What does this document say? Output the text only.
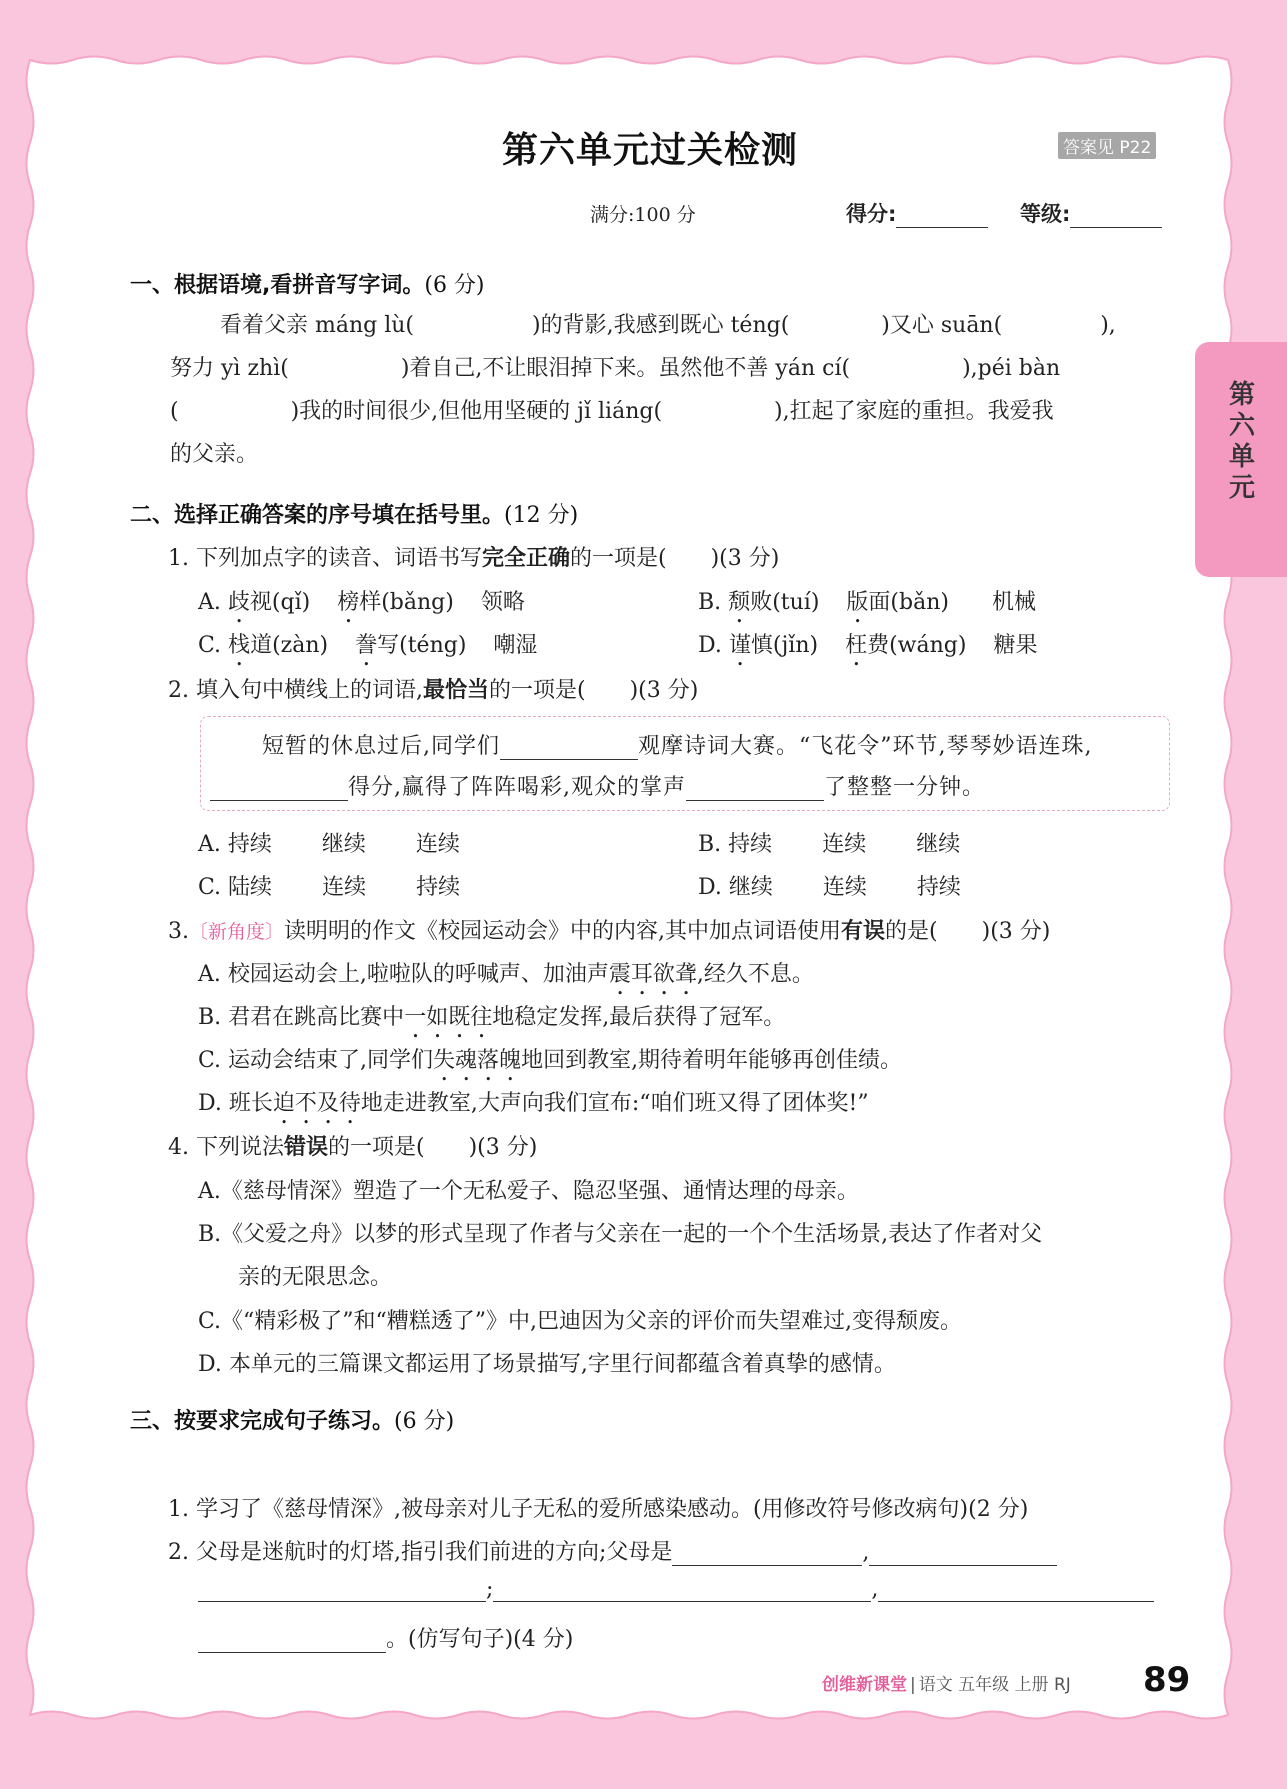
第六单元过关检测	答案见 P22
满分:100 分	得分:	等级:
一、根据语境,看拼音写字词。(6 分)
看着父亲 máng lù(	)的背影,我感到既心 téng(	)又心 suān(	),
努力 yì zhì(	)着自己,不让眼泪掉下来。虽然他不善 yán cí(	),péi bàn
(	)我的时间很少,但他用坚硬的 jǐ liáng(	),扛起了家庭的重担。我爱我
的父亲。
二、选择正确答案的序号填在括号里。(12 分)
1. 下列加点字的读音、词语书写完全正确的一项是( )(3 分)
A. 歧视(qǐ) 榜样(bǎng) 领略	B. 颓败(tuí) 版面(bǎn) 机械
C. 栈道(zàn) 誊写(téng) 嘲湿	D. 谨慎(jǐn) 枉费(wáng) 糖果
2. 填入句中横线上的词语,最恰当的一项是( )(3 分)
短暂的休息过后,同学们	观摩诗词大赛。“飞花令”环节,琴琴妙语连珠,
得分,赢得了阵阵喝彩,观众的掌声	了整整一分钟。
A. 持续 继续 连续	B. 持续 连续 继续
C. 陆续 连续 持续	D. 继续 连续 持续
3.〔新角度〕读明明的作文《校园运动会》中的内容,其中加点词语使用有误的是( )(3 分)
A. 校园运动会上,啦啦队的呼喊声、加油声震耳欲聋,经久不息。
B. 君君在跳高比赛中一如既往地稳定发挥,最后获得了冠军。
C. 运动会结束了,同学们失魂落魄地回到教室,期待着明年能够再创佳绩。
D. 班长迫不及待地走进教室,大声向我们宣布:“咱们班又得了团体奖!”
4. 下列说法错误的一项是( )(3 分)
A.《慈母情深》塑造了一个无私爱子、隐忍坚强、通情达理的母亲。
B.《父爱之舟》以梦的形式呈现了作者与父亲在一起的一个个生活场景,表达了作者对父
亲的无限思念。
C.《“精彩极了”和“糟糕透了”》中,巴迪因为父亲的评价而失望难过,变得颓废。
D. 本单元的三篇课文都运用了场景描写,字里行间都蕴含着真挚的感情。
三、按要求完成句子练习。(6 分)
1. 学习了《慈母情深》,被母亲对儿子无私的爱所感染感动。(用修改符号修改病句)(2 分)
2. 父母是迷航时的灯塔,指引我们前进的方向;父母是	,
;	,
。(仿写句子)(4 分)
第六单元
创维新课堂 | 语文 五年级 上册 RJ 89
